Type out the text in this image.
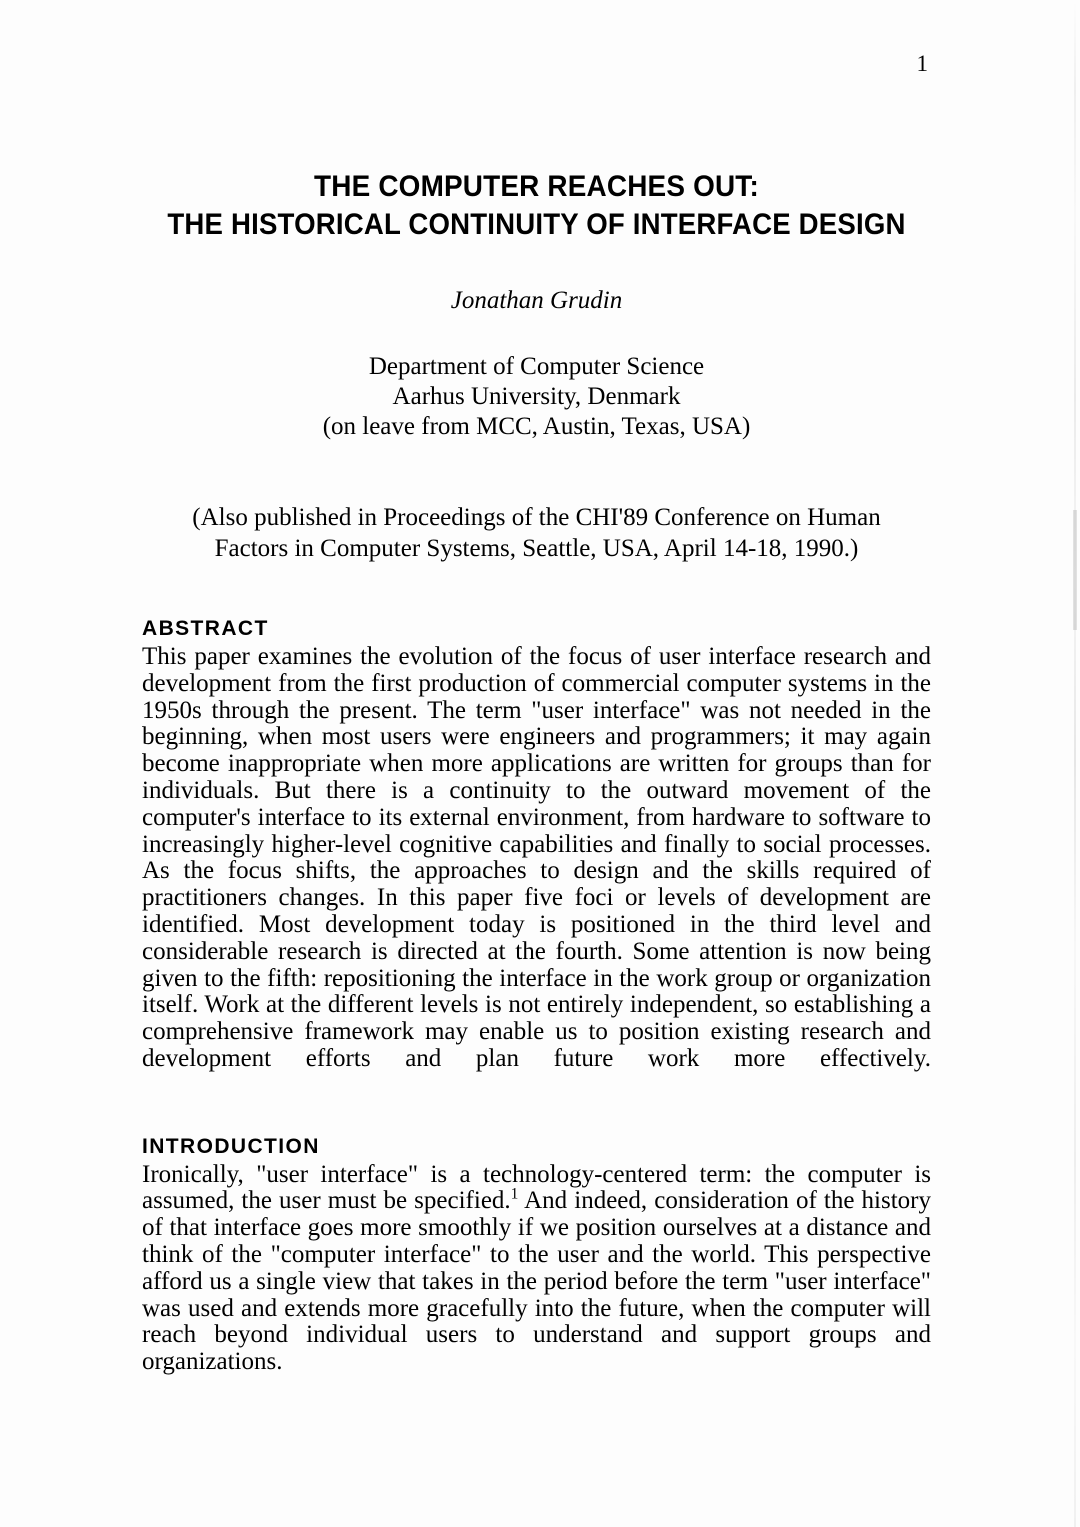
1
THE COMPUTER REACHES OUT:
THE HISTORICAL CONTINUITY OF INTERFACE DESIGN
Jonathan Grudin
Department of Computer Science
Aarhus University, Denmark
(on leave from MCC, Austin, Texas, USA)
(Also published in Proceedings of the CHI'89 Conference on Human
Factors in Computer Systems, Seattle, USA, April 14-18, 1990.)
ABSTRACT
This paper examines the evolution of the focus of user interface research and development from the first production of commercial computer systems in the 1950s through the present. The term "user interface" was not needed in the beginning, when most users were engineers and programmers; it may again become inappropriate when more applications are written for groups than for individuals. But there is a continuity to the outward movement of the computer's interface to its external environment, from hardware to software to increasingly higher-level cognitive capabilities and finally to social processes. As the focus shifts, the approaches to design and the skills required of practitioners changes. In this paper five foci or levels of development are identified. Most development today is positioned in the third level and considerable research is directed at the fourth. Some attention is now being given to the fifth: repositioning the interface in the work group or organization itself. Work at the different levels is not entirely independent, so establishing a comprehensive framework may enable us to position existing research and development efforts and plan future work more effectively.
INTRODUCTION
Ironically, "user interface" is a technology-centered term: the computer is assumed, the user must be specified.$^1$ And indeed, consideration of the history of that interface goes more smoothly if we position ourselves at a distance and think of the "computer interface" to the user and the world. This perspective afford us a single view that takes in the period before the term "user interface" was used and extends more gracefully into the future, when the computer will reach beyond individual users to understand and support groups and organizations.
